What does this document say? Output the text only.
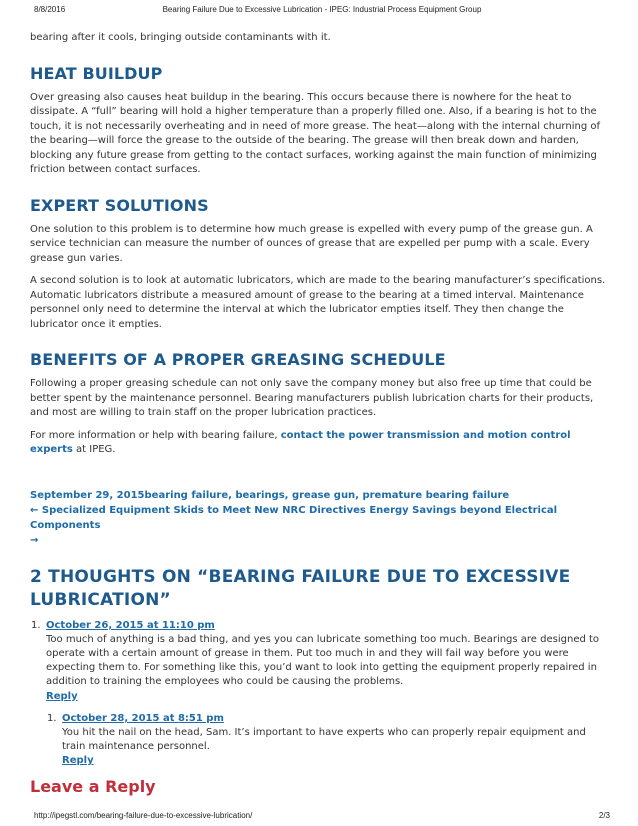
8/8/2016	Bearing Failure Due to Excessive Lubrication - IPEG: Industrial Process Equipment Group

bearing after it cools, bringing outside contaminants with it.

HEAT BUILDUP

Over greasing also causes heat buildup in the bearing. This occurs because there is nowhere for the heat to dissipate. A “full” bearing will hold a higher temperature than a properly filled one. Also, if a bearing is hot to the touch, it is not necessarily overheating and in need of more grease. The heat—along with the internal churning of the bearing—will force the grease to the outside of the bearing. The grease will then break down and harden, blocking any future grease from getting to the contact surfaces, working against the main function of minimizing friction between contact surfaces.

EXPERT SOLUTIONS

One solution to this problem is to determine how much grease is expelled with every pump of the grease gun. A service technician can measure the number of ounces of grease that are expelled per pump with a scale. Every grease gun varies.

A second solution is to look at automatic lubricators, which are made to the bearing manufacturer’s specifications. Automatic lubricators distribute a measured amount of grease to the bearing at a timed interval. Maintenance personnel only need to determine the interval at which the lubricator empties itself. They then change the lubricator once it empties.

BENEFITS OF A PROPER GREASING SCHEDULE

Following a proper greasing schedule can not only save the company money but also free up time that could be better spent by the maintenance personnel. Bearing manufacturers publish lubrication charts for their products, and most are willing to train staff on the proper lubrication practices.

For more information or help with bearing failure, contact the power transmission and motion control experts at IPEG.

September 29, 2015bearing failure, bearings, grease gun, premature bearing failure
← Specialized Equipment Skids to Meet New NRC Directives Energy Savings beyond Electrical Components
→
2 THOUGHTS ON “BEARING FAILURE DUE TO EXCESSIVE LUBRICATION”
1. October 26, 2015 at 11:10 pm
Too much of anything is a bad thing, and yes you can lubricate something too much. Bearings are designed to operate with a certain amount of grease in them. Put too much in and they will fail way before you were expecting them to. For something like this, you’d want to look into getting the equipment properly repaired in addition to training the employees who could be causing the problems.
Reply
1. October 28, 2015 at 8:51 pm
You hit the nail on the head, Sam. It’s important to have experts who can properly repair equipment and train maintenance personnel.
Reply
Leave a Reply
http://ipegstl.com/bearing-failure-due-to-excessive-lubrication/	2/3
